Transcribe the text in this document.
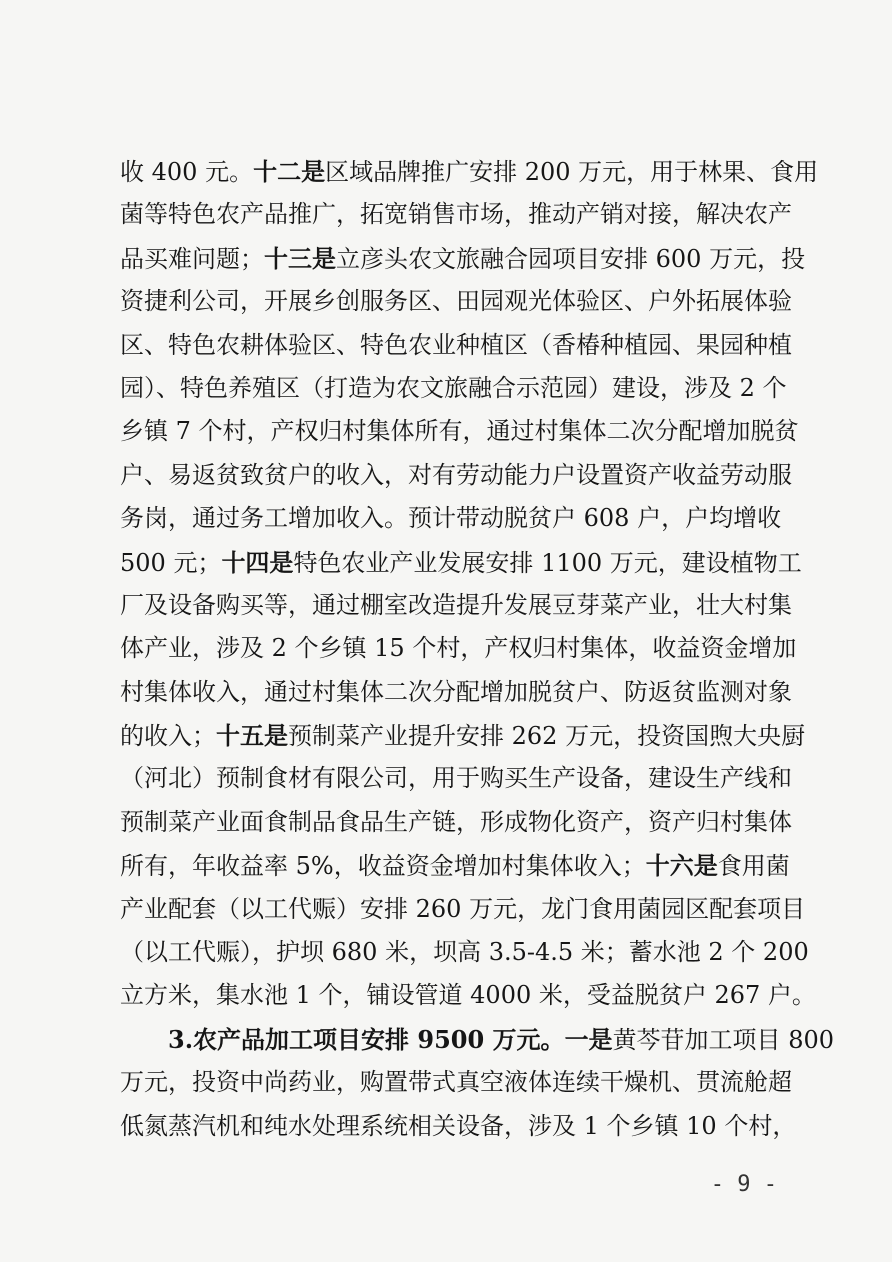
收 400 元。十二是区域品牌推广安排 200 万元，用于林果、食用
菌等特色农产品推广，拓宽销售市场，推动产销对接，解决农产
品买难问题；十三是立彦头农文旅融合园项目安排 600 万元，投
资捷利公司，开展乡创服务区、田园观光体验区、户外拓展体验
区、特色农耕体验区、特色农业种植区（香椿种植园、果园种植
园）、特色养殖区（打造为农文旅融合示范园）建设，涉及 2 个
乡镇 7 个村，产权归村集体所有，通过村集体二次分配增加脱贫
户、易返贫致贫户的收入，对有劳动能力户设置资产收益劳动服
务岗，通过务工增加收入。预计带动脱贫户 608 户，户均增收
500 元；十四是特色农业产业发展安排 1100 万元，建设植物工
厂及设备购买等，通过棚室改造提升发展豆芽菜产业，壮大村集
体产业，涉及 2 个乡镇 15 个村，产权归村集体，收益资金增加
村集体收入，通过村集体二次分配增加脱贫户、防返贫监测对象
的收入；十五是预制菜产业提升安排 262 万元，投资国煦大央厨
（河北）预制食材有限公司，用于购买生产设备，建设生产线和
预制菜产业面食制品食品生产链，形成物化资产，资产归村集体
所有，年收益率 5%，收益资金增加村集体收入；十六是食用菌
产业配套（以工代赈）安排 260 万元，龙门食用菌园区配套项目
（以工代赈），护坝 680 米，坝高 3.5-4.5 米；蓄水池 2 个 200
立方米，集水池 1 个，铺设管道 4000 米，受益脱贫户 267 户。
3.农产品加工项目安排 9500 万元。一是黄芩苷加工项目 800
万元，投资中尚药业，购置带式真空液体连续干燥机、贯流舱超
低氮蒸汽机和纯水处理系统相关设备，涉及 1 个乡镇 10 个村，
- 9 -
